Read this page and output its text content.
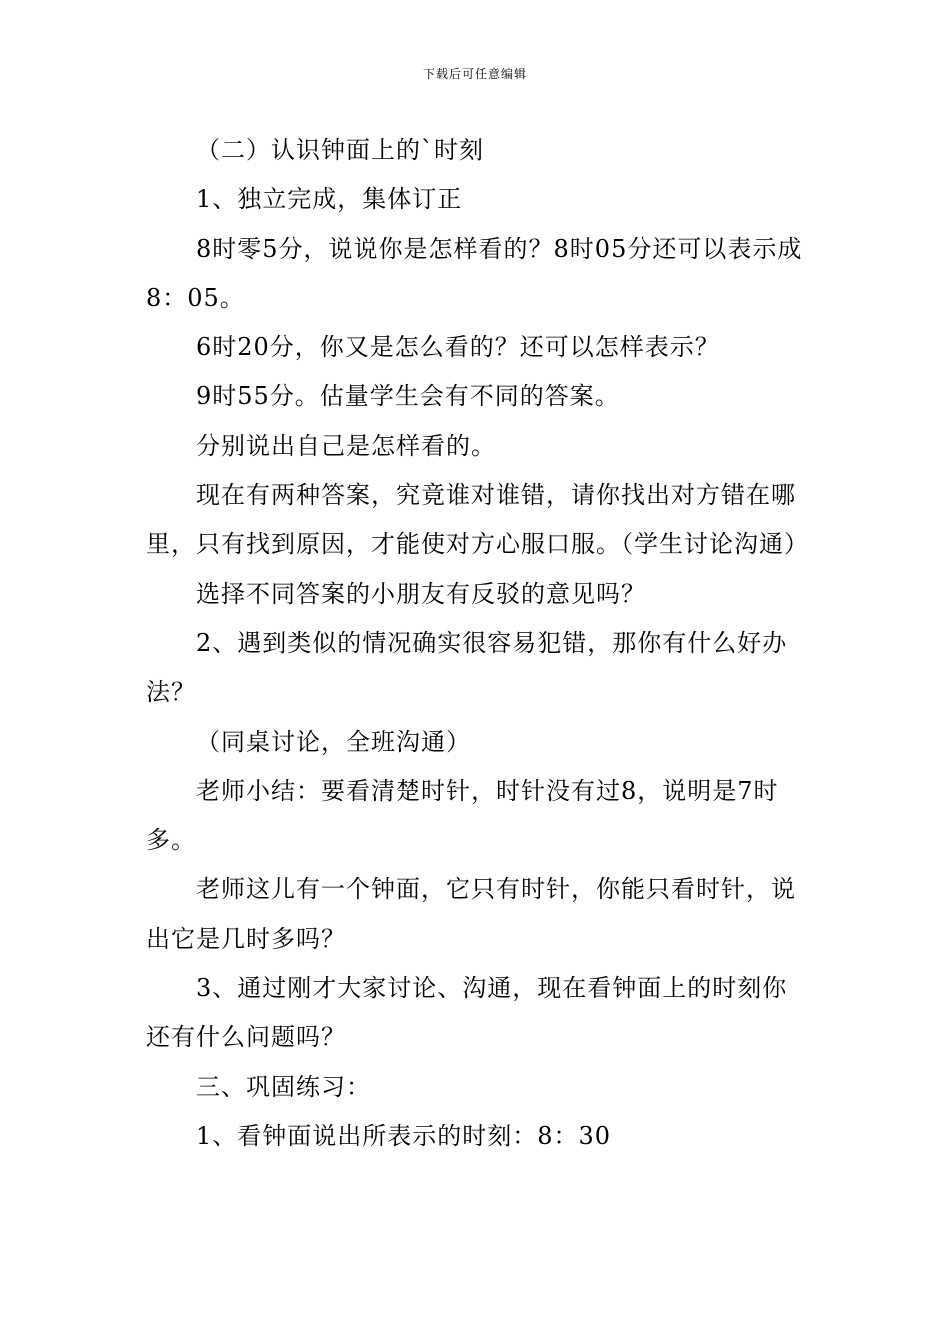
下载后可任意编辑

（二）认识钟面上的`时刻

1、独立完成，集体订正

8时零5分，说说你是怎样看的？8时05分还可以表示成8：05。

6时20分，你又是怎么看的？还可以怎样表示？

9时55分。估量学生会有不同的答案。

分别说出自己是怎样看的。

现在有两种答案，究竟谁对谁错，请你找出对方错在哪里，只有找到原因，才能使对方心服口服。（学生讨论沟通）

选择不同答案的小朋友有反驳的意见吗？

2、遇到类似的情况确实很容易犯错，那你有什么好办法？

（同桌讨论，全班沟通）

老师小结：要看清楚时针，时针没有过8，说明是7时多。

老师这儿有一个钟面，它只有时针，你能只看时针，说出它是几时多吗？

3、通过刚才大家讨论、沟通，现在看钟面上的时刻你还有什么问题吗？

三、巩固练习：

1、看钟面说出所表示的时刻：8：30
